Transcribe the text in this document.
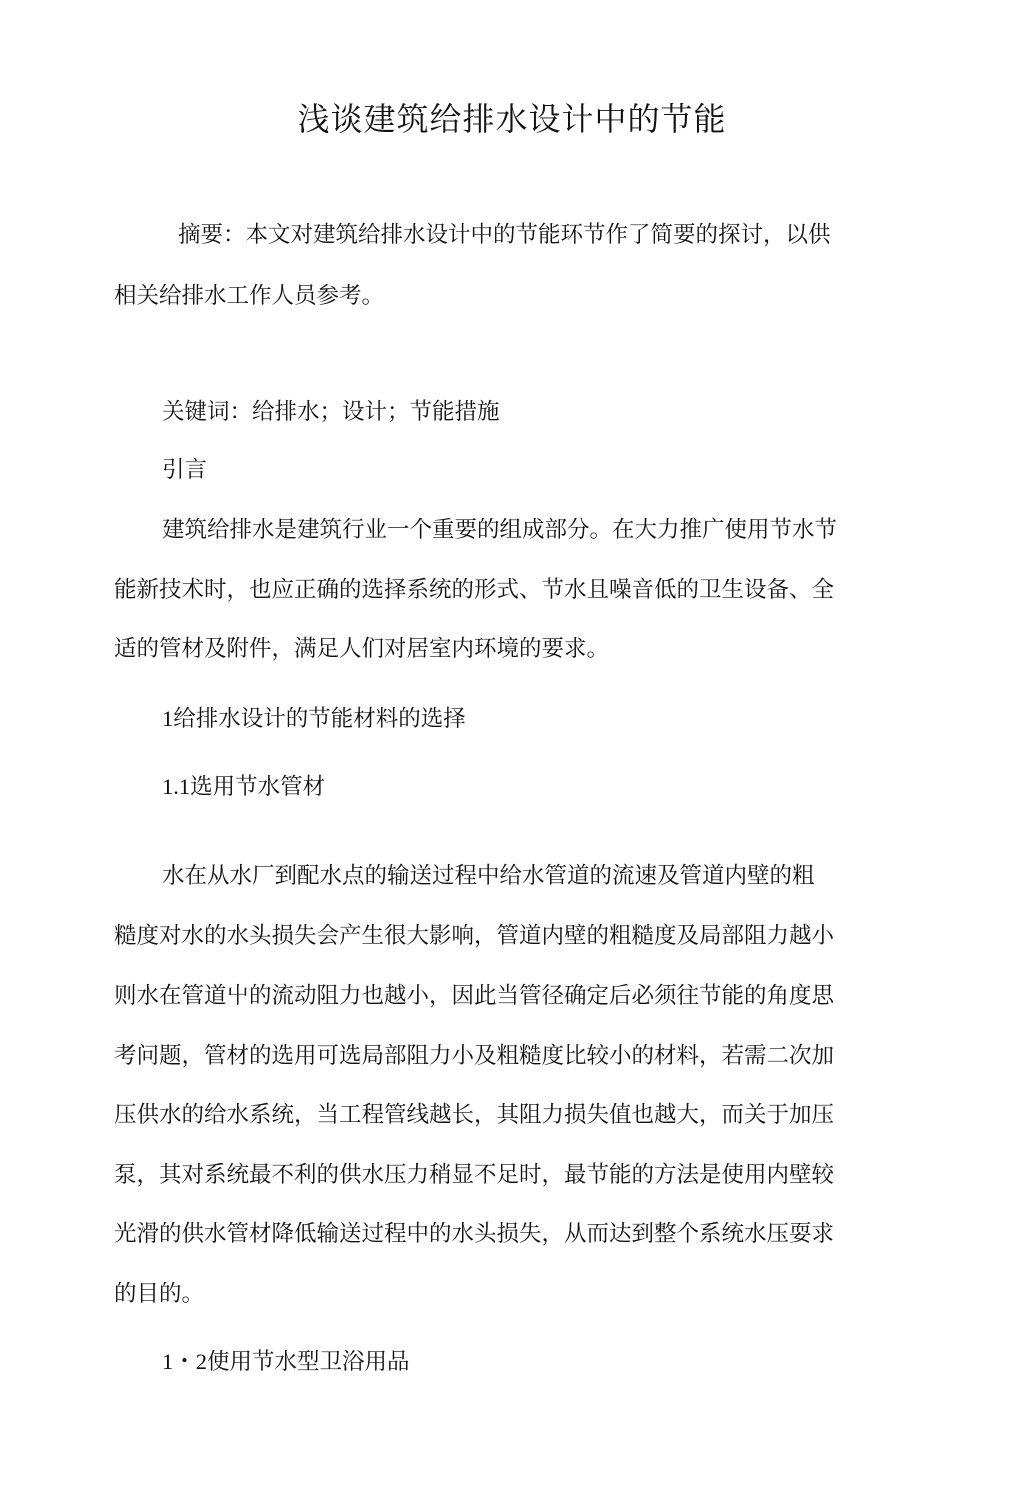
浅谈建筑给排水设计中的节能

摘要：本文对建筑给排水设计中的节能环节作了简要的探讨，以供

相关给排水工作人员参考。

关键词：给排水；设计；节能措施

引言

建筑给排水是建筑行业一个重要的组成部分。在大力推广使用节水节

能新技术时，也应正确的选择系统的形式、节水且噪音低的卫生设备、全

适的管材及附件，满足人们对居室内环境的要求。

1给排水设计的节能材料的选择

1.1选用节水管材

水在从水厂到配水点的输送过程中给水管道的流速及管道内壁的粗

糙度对水的水头损失会产生很大影响，管道内壁的粗糙度及局部阻力越小

则水在管道屮的流动阻力也越小，因此当管径确定后必须往节能的角度思

考问题，管材的选用可选局部阻力小及粗糙度比较小的材料，若需二次加

压供水的给水系统，当工程管线越长，其阻力损失值也越大，而关于加压

泵，其对系统最不利的供水压力稍显不足时，最节能的方法是使用内壁较

光滑的供水管材降低输送过程中的水头损失，从而达到整个系统水压耍求

的目的。

1・2使用节水型卫浴用品
